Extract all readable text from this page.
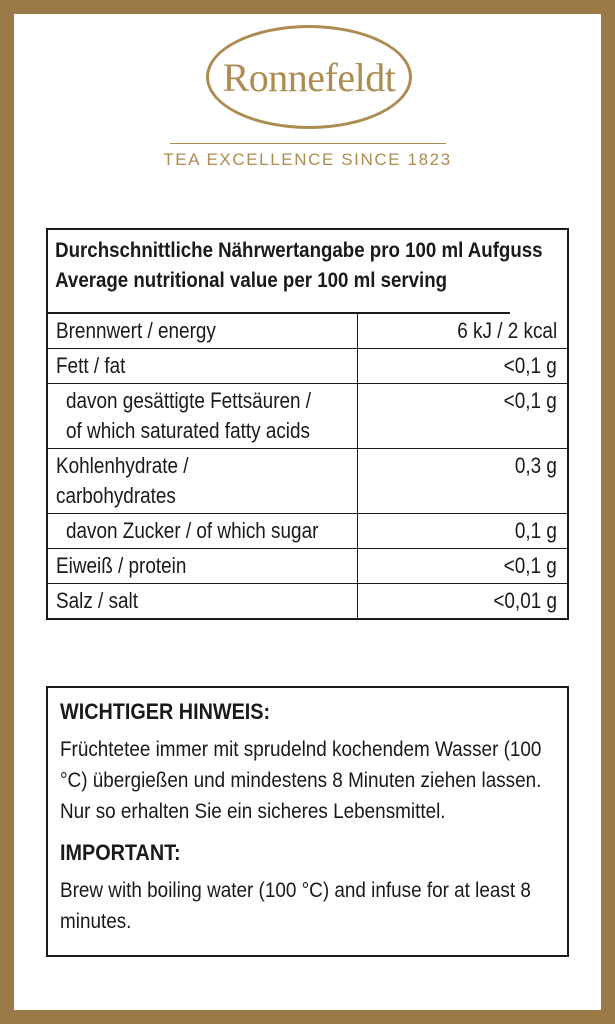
Ronnefeldt
TEA EXCELLENCE SINCE 1823
Durchschnittliche Nährwertangabe pro 100 ml Aufguss
Average nutritional value per 100 ml serving
Brennwert / energy	6 kJ / 2 kcal
Fett / fat	<0,1 g
davon gesättigte Fettsäuren /
of which saturated fatty acids
<0,1 g
Kohlenhydrate /
carbohydrates
0,3 g
davon Zucker / of which sugar	0,1 g
Eiweiß / protein	<0,1 g
Salz / salt	<0,01 g
WICHTIGER HINWEIS:

Früchtetee immer mit sprudelnd kochendem Wasser (100 °C) übergießen und mindestens 8 Minuten ziehen lassen. Nur so erhalten Sie ein sicheres Lebensmittel.

IMPORTANT:

Brew with boiling water (100 °C) and infuse for at least 8 minutes.
